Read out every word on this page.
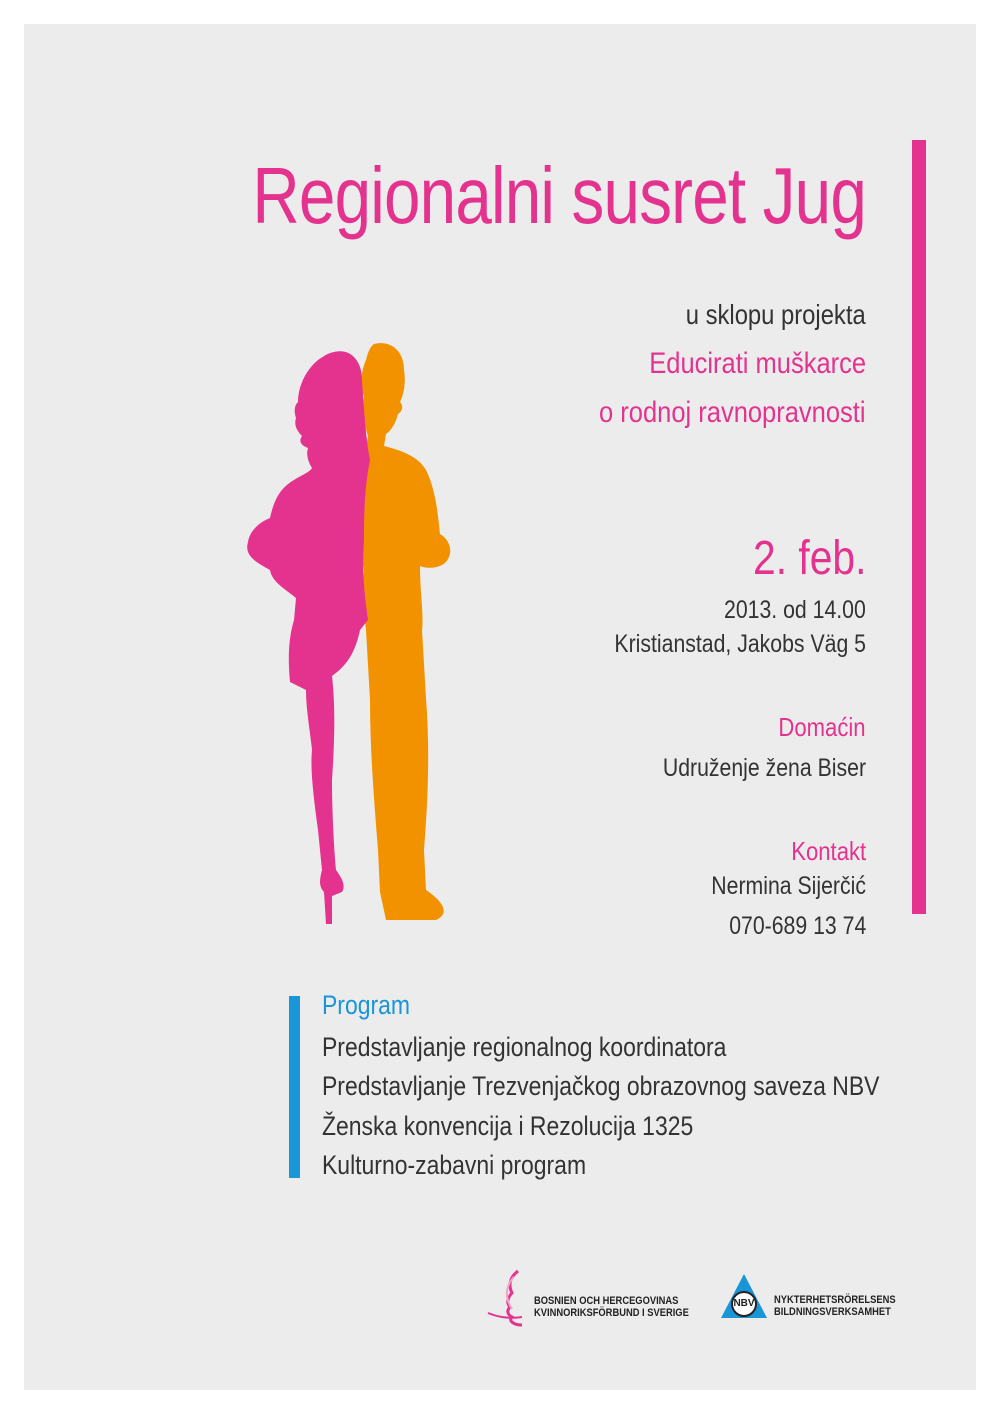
Regionalni susret Jug
u sklopu projekta
Educirati muškarce
o rodnoj ravnopravnosti
2. feb.
2013. od 14.00
Kristianstad, Jakobs Väg 5
Domaćin
Udruženje žena Biser
Kontakt
Nermina Sijerčić
070-689 13 74
Program
Predstavljanje regionalnog koordinatora
Predstavljanje Trezvenjačkog obrazovnog saveza NBV
Ženska konvencija i Rezolucija 1325
Kulturno-zabavni program
BOSNIEN OCH HERCEGOVINAS
KVINNORIKSFÖRBUND I SVERIGE
NBV NYKTERHETSRÖRELSENS
BILDNINGSVERKSAMHET
